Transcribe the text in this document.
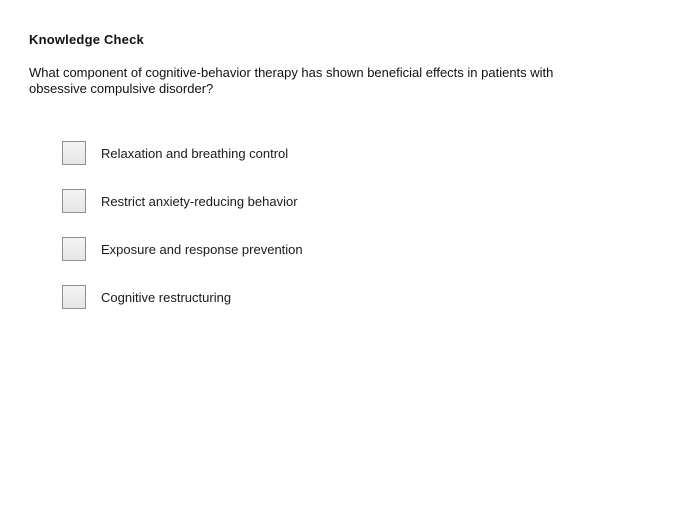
Knowledge Check

What component of cognitive-behavior therapy has shown beneficial effects in patients with obsessive compulsive disorder?

Relaxation and breathing control
Restrict anxiety-reducing behavior
Exposure and response prevention
Cognitive restructuring
